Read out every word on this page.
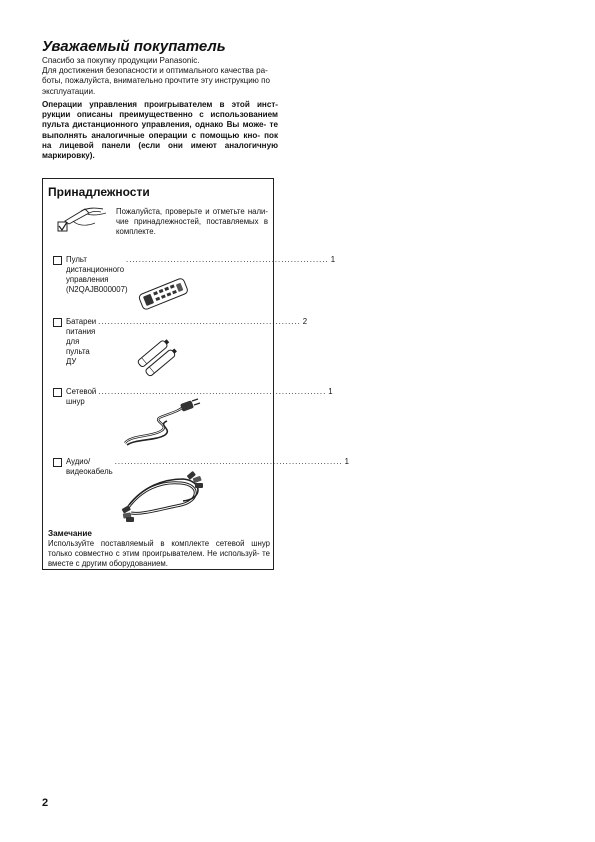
Уважаемый покупатель
Спасибо за покупку продукции Panasonic.
Для достижения безопасности и оптимального качества ра-
боты, пожалуйста, внимательно прочтите эту инструкцию по
эксплуатации.

Операции управления проигрывателем в этой инст- рукции описаны преимущественно с использованием пульта дистанционного управления, однако Вы може- те выполнять аналогичные операции с помощью кно- пок на лицевой панели (если они имеют аналогичную маркировку).

Принадлежности

Пожалуйста, проверьте и отметьте нали- чие принадлежностей, поставляемых в комплекте.

Пульт дистанционного управления
................................................................ 1
(N2QAJB000007)
Батареи питания для пульта ДУ
................................................................ 2
Сетевой шнур
........................................................................ 1
Аудио/видеокабель
........................................................................ 1
Замечание

Используйте поставляемый в комплекте сетевой шнур только совместно с этим проигрывателем. Не используй- те вместе с другим оборудованием.

2
